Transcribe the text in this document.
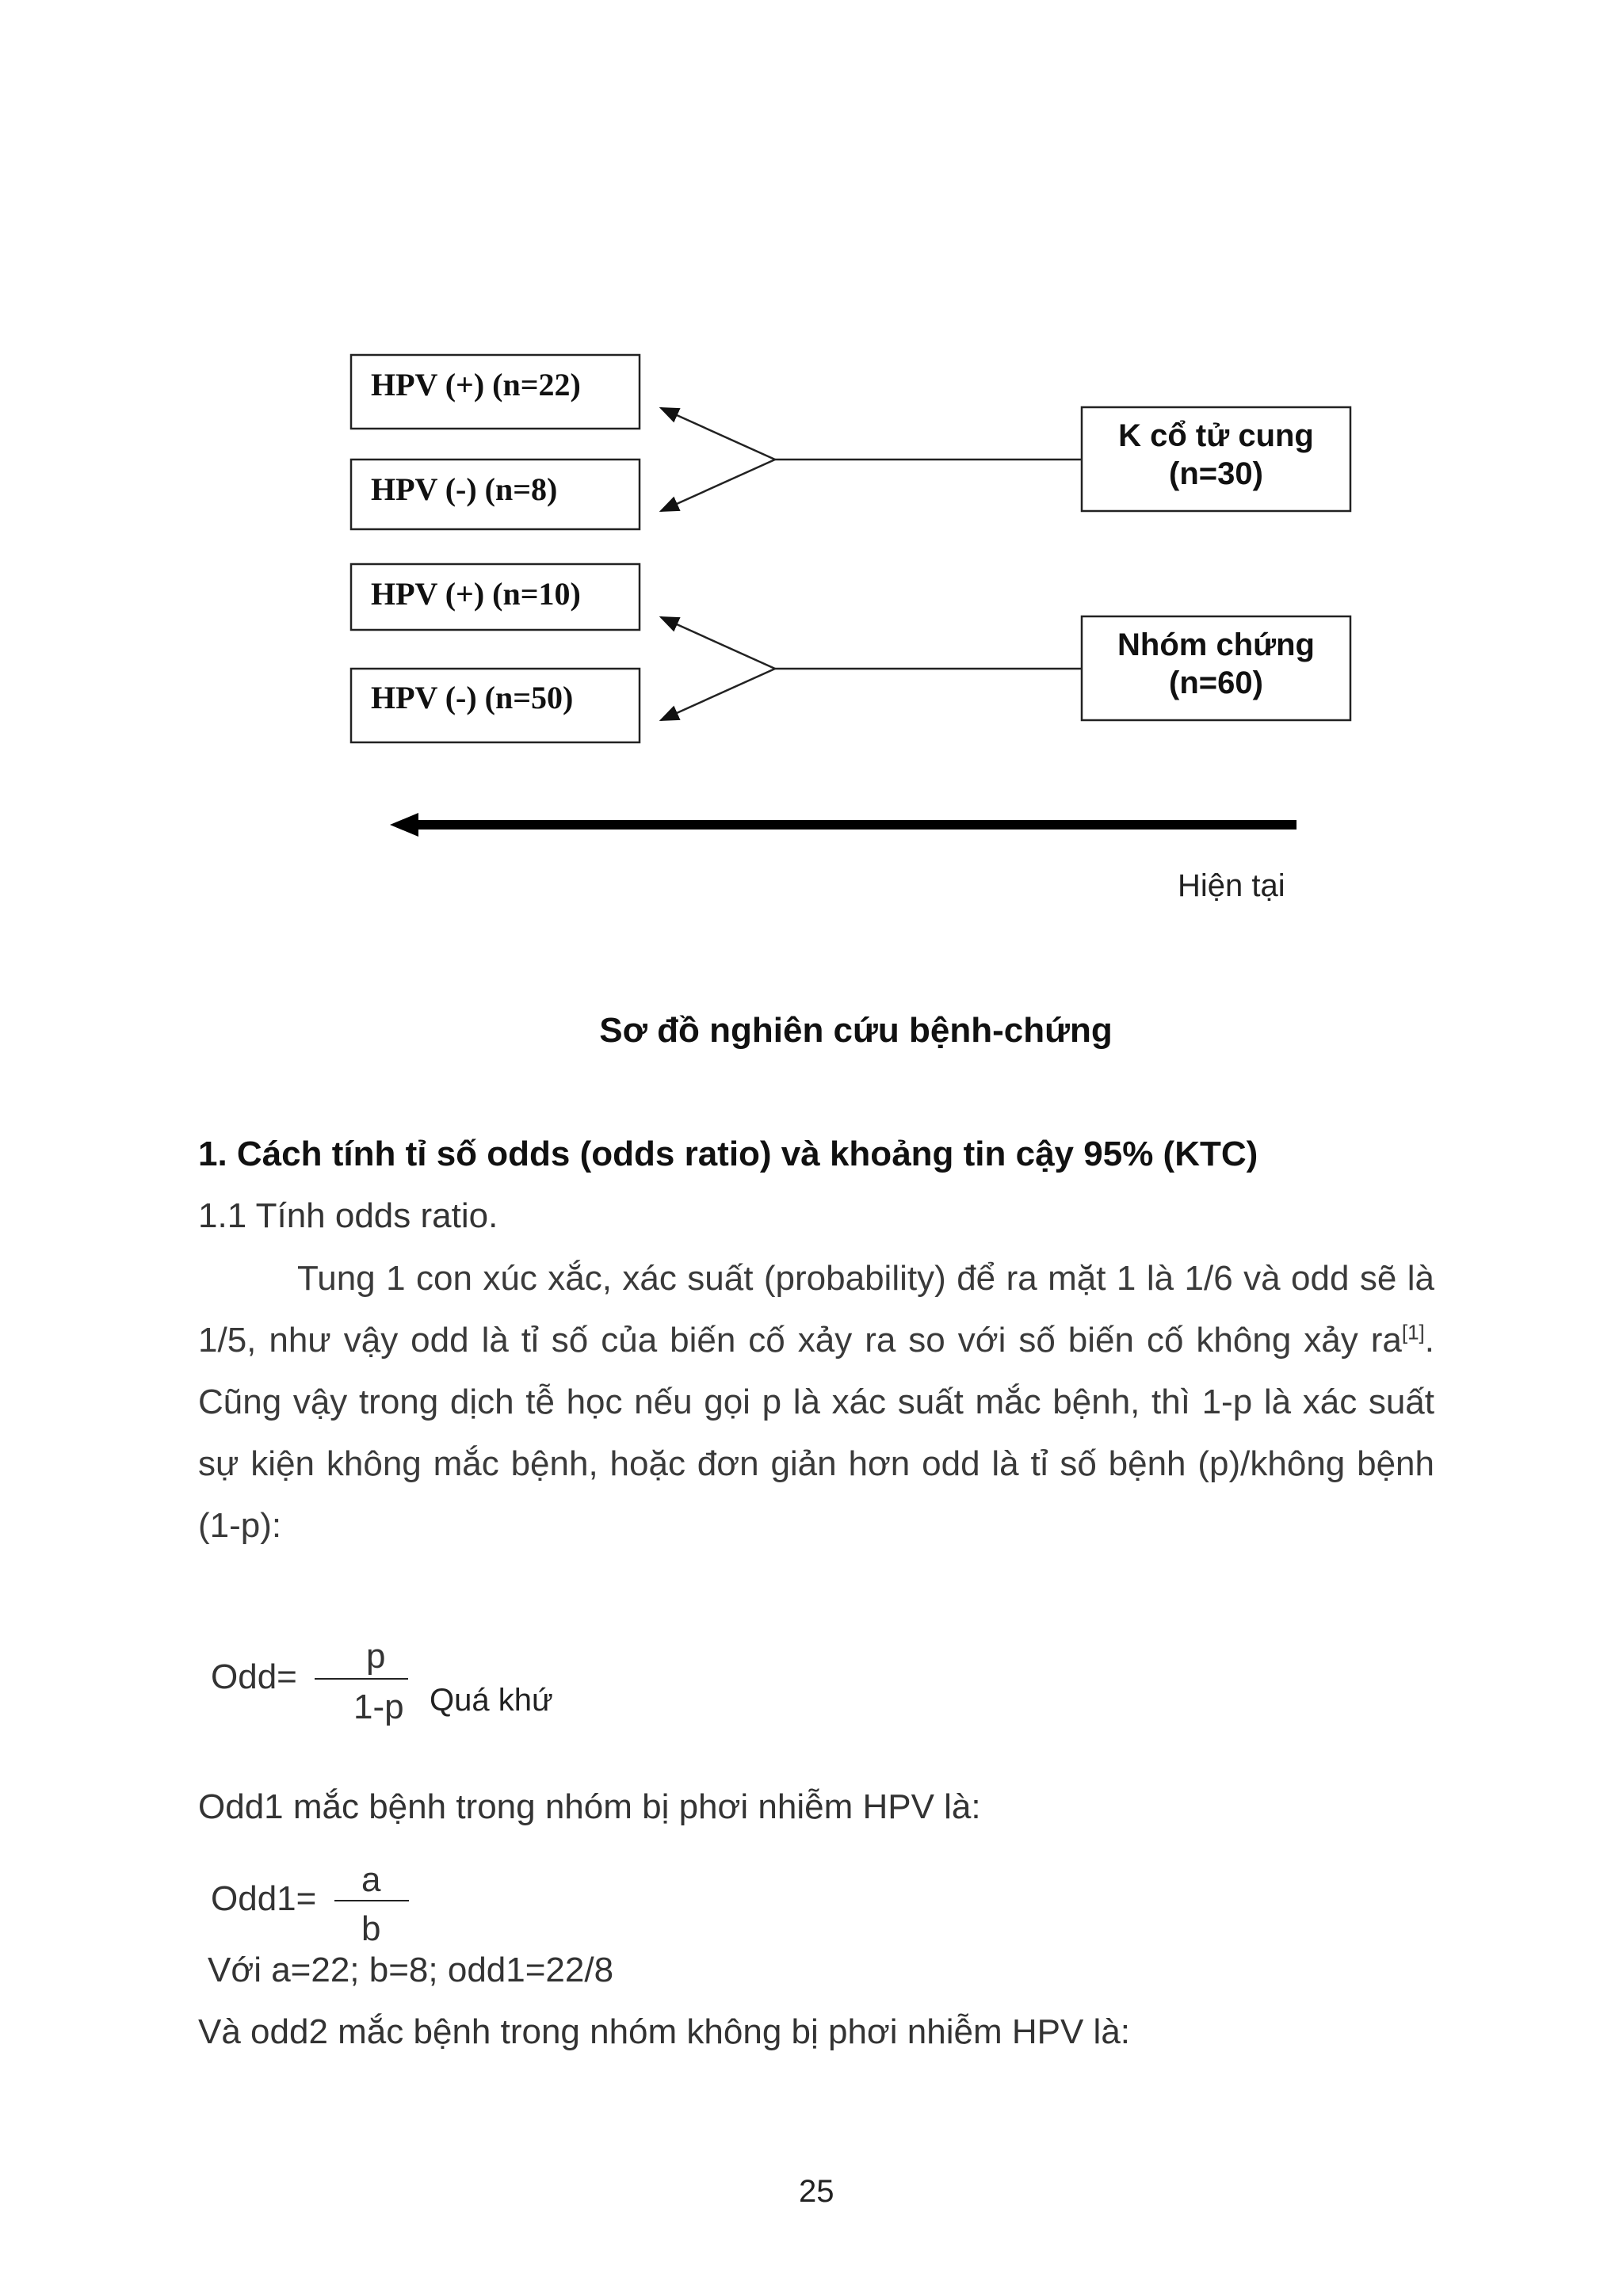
HPV (+) (n=22)
HPV (-) (n=8)
HPV (+) (n=10)
HPV (-) (n=50)
K cổ tử cung
(n=30)
Nhóm chứng
(n=60)
Hiện tại
Sơ đồ nghiên cứu bệnh-chứng
1. Cách tính tỉ số odds (odds ratio) và khoảng tin cậy 95% (KTC)
1.1 Tính odds ratio.
Tung 1 con xúc xắc, xác suất (probability) để ra mặt 1 là 1/6 và odd sẽ là 1/5, như vậy odd là tỉ số của biến cố xảy ra so với số biến cố không xảy ra[1]. Cũng vậy trong dịch tễ học nếu gọi p là xác suất mắc bệnh, thì 1-p là xác suất sự kiện không mắc bệnh, hoặc đơn giản hơn odd là tỉ số bệnh (p)/không bệnh (1-p):
Odd=
p
1-p Quá khứ
Odd1 mắc bệnh trong nhóm bị phơi nhiễm HPV là:
Odd1= a
b
Với a=22; b=8; odd1=22/8
Và odd2 mắc bệnh trong nhóm không bị phơi nhiễm HPV là:
25
